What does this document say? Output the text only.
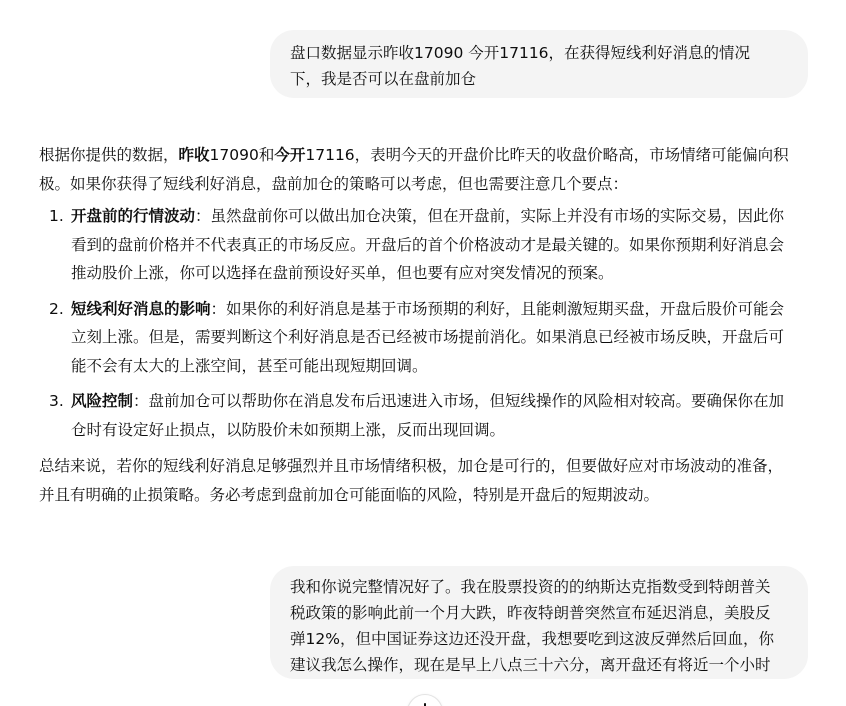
盘口数据显示昨收17090 今开17116，在获得短线利好消息的情况
下，我是否可以在盘前加仓

根据你提供的数据，昨收17090和今开17116，表明今天的开盘价比昨天的收盘价略高，市场情绪可能偏向积
极。如果你获得了短线利好消息，盘前加仓的策略可以考虑，但也需要注意几个要点：

1. 开盘前的行情波动：虽然盘前你可以做出加仓决策，但在开盘前，实际上并没有市场的实际交易，因此你
看到的盘前价格并不代表真正的市场反应。开盘后的首个价格波动才是最关键的。如果你预期利好消息会
推动股价上涨，你可以选择在盘前预设好买单，但也要有应对突发情况的预案。
2. 短线利好消息的影响：如果你的利好消息是基于市场预期的利好，且能刺激短期买盘，开盘后股价可能会
立刻上涨。但是，需要判断这个利好消息是否已经被市场提前消化。如果消息已经被市场反映，开盘后可
能不会有太大的上涨空间，甚至可能出现短期回调。
3. 风险控制：盘前加仓可以帮助你在消息发布后迅速进入市场，但短线操作的风险相对较高。要确保你在加
仓时有设定好止损点，以防股价未如预期上涨，反而出现回调。

总结来说，若你的短线利好消息足够强烈并且市场情绪积极，加仓是可行的，但要做好应对市场波动的准备，
并且有明确的止损策略。务必考虑到盘前加仓可能面临的风险，特别是开盘后的短期波动。

我和你说完整情况好了。我在股票投资的的纳斯达克指数受到特朗普关
税政策的影响此前一个月大跌，昨夜特朗普突然宣布延迟消息，美股反
弹12%，但中国证券这边还没开盘，我想要吃到这波反弹然后回血，你
建议我怎么操作，现在是早上八点三十六分，离开盘还有将近一个小时
